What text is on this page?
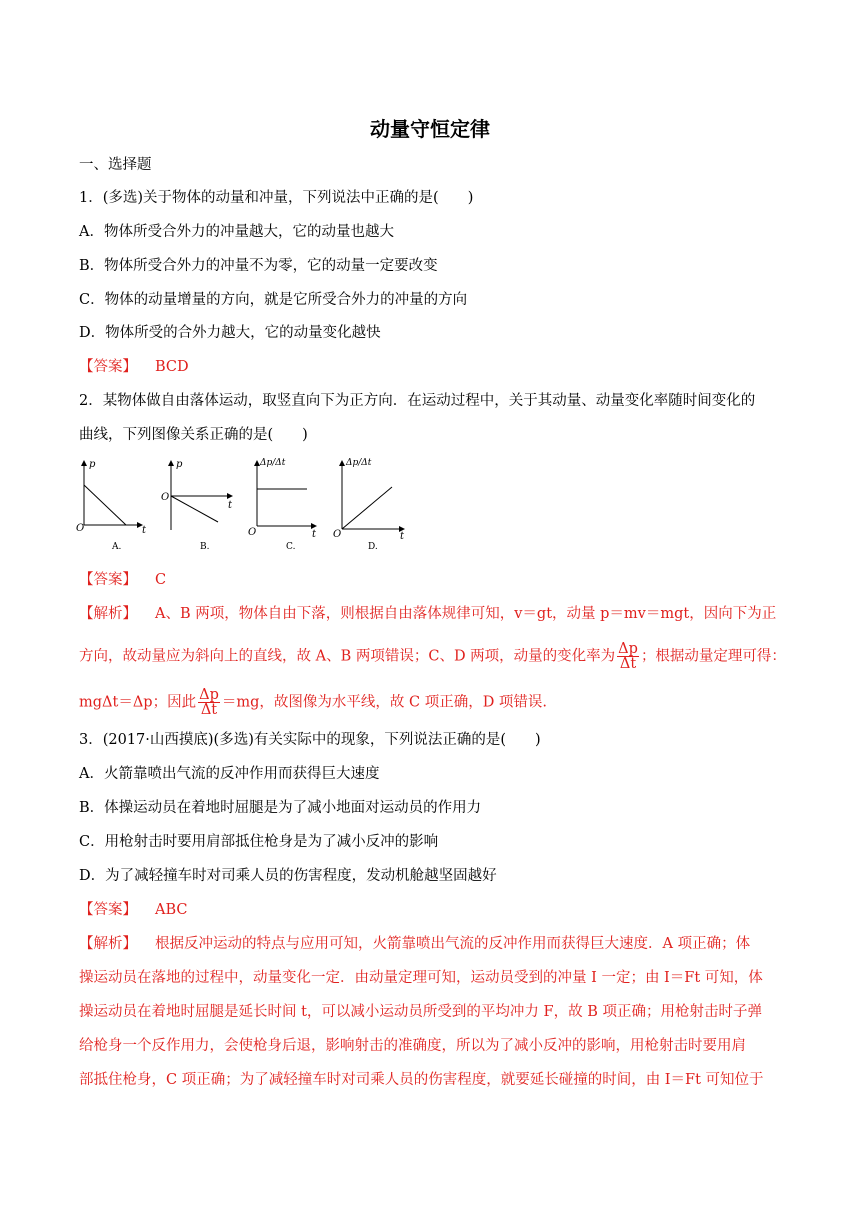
动量守恒定律
一、选择题
1．(多选)关于物体的动量和冲量，下列说法中正确的是(　　)
A．物体所受合外力的冲量越大，它的动量也越大
B．物体所受合外力的冲量不为零，它的动量一定要改变
C．物体的动量增量的方向，就是它所受合外力的冲量的方向
D．物体所受的合外力越大，它的动量变化越快
【答案】 BCD
2．某物体做自由落体运动，取竖直向下为正方向．在运动过程中，关于其动量、动量变化率随时间变化的
曲线，下列图像关系正确的是(　　)
p
O	t
A.
p
O
t
B.
Δp/Δt
O	t
C.
Δp/Δt
O	t
D.
【答案】 C
【解析】 A、B 两项，物体自由下落，则根据自由落体规律可知，v＝gt，动量 p＝mv＝mgt，因向下为正
方向，故动量应为斜向上的直线，故 A、B 两项错误；C、D 两项，动量的变化率为 $\frac{\Delta p}{\Delta t}$ ；根据动量定理可得：
mgΔt＝Δp；因此 $\frac{\Delta p}{\Delta t} =mg$，故图像为水平线，故 C 项正确，D 项错误.
3．(2017·山西摸底)(多选)有关实际中的现象，下列说法正确的是(　　)
A．火箭靠喷出气流的反冲作用而获得巨大速度
B．体操运动员在着地时屈腿是为了减小地面对运动员的作用力
C．用枪射击时要用肩部抵住枪身是为了减小反冲的影响
D．为了减轻撞车时对司乘人员的伤害程度，发动机舱越坚固越好
【答案】 ABC
【解析】 根据反冲运动的特点与应用可知，火箭靠喷出气流的反冲作用而获得巨大速度．A 项正确；体
操运动员在落地的过程中，动量变化一定．由动量定理可知，运动员受到的冲量 I 一定；由 I＝Ft 可知，体
操运动员在着地时屈腿是延长时间 t，可以减小运动员所受到的平均冲力 F，故 B 项正确；用枪射击时子弹
给枪身一个反作用力，会使枪身后退，影响射击的准确度，所以为了减小反冲的影响，用枪射击时要用肩
部抵住枪身，C 项正确；为了减轻撞车时对司乘人员的伤害程度，就要延长碰撞的时间，由 I＝Ft 可知位于
